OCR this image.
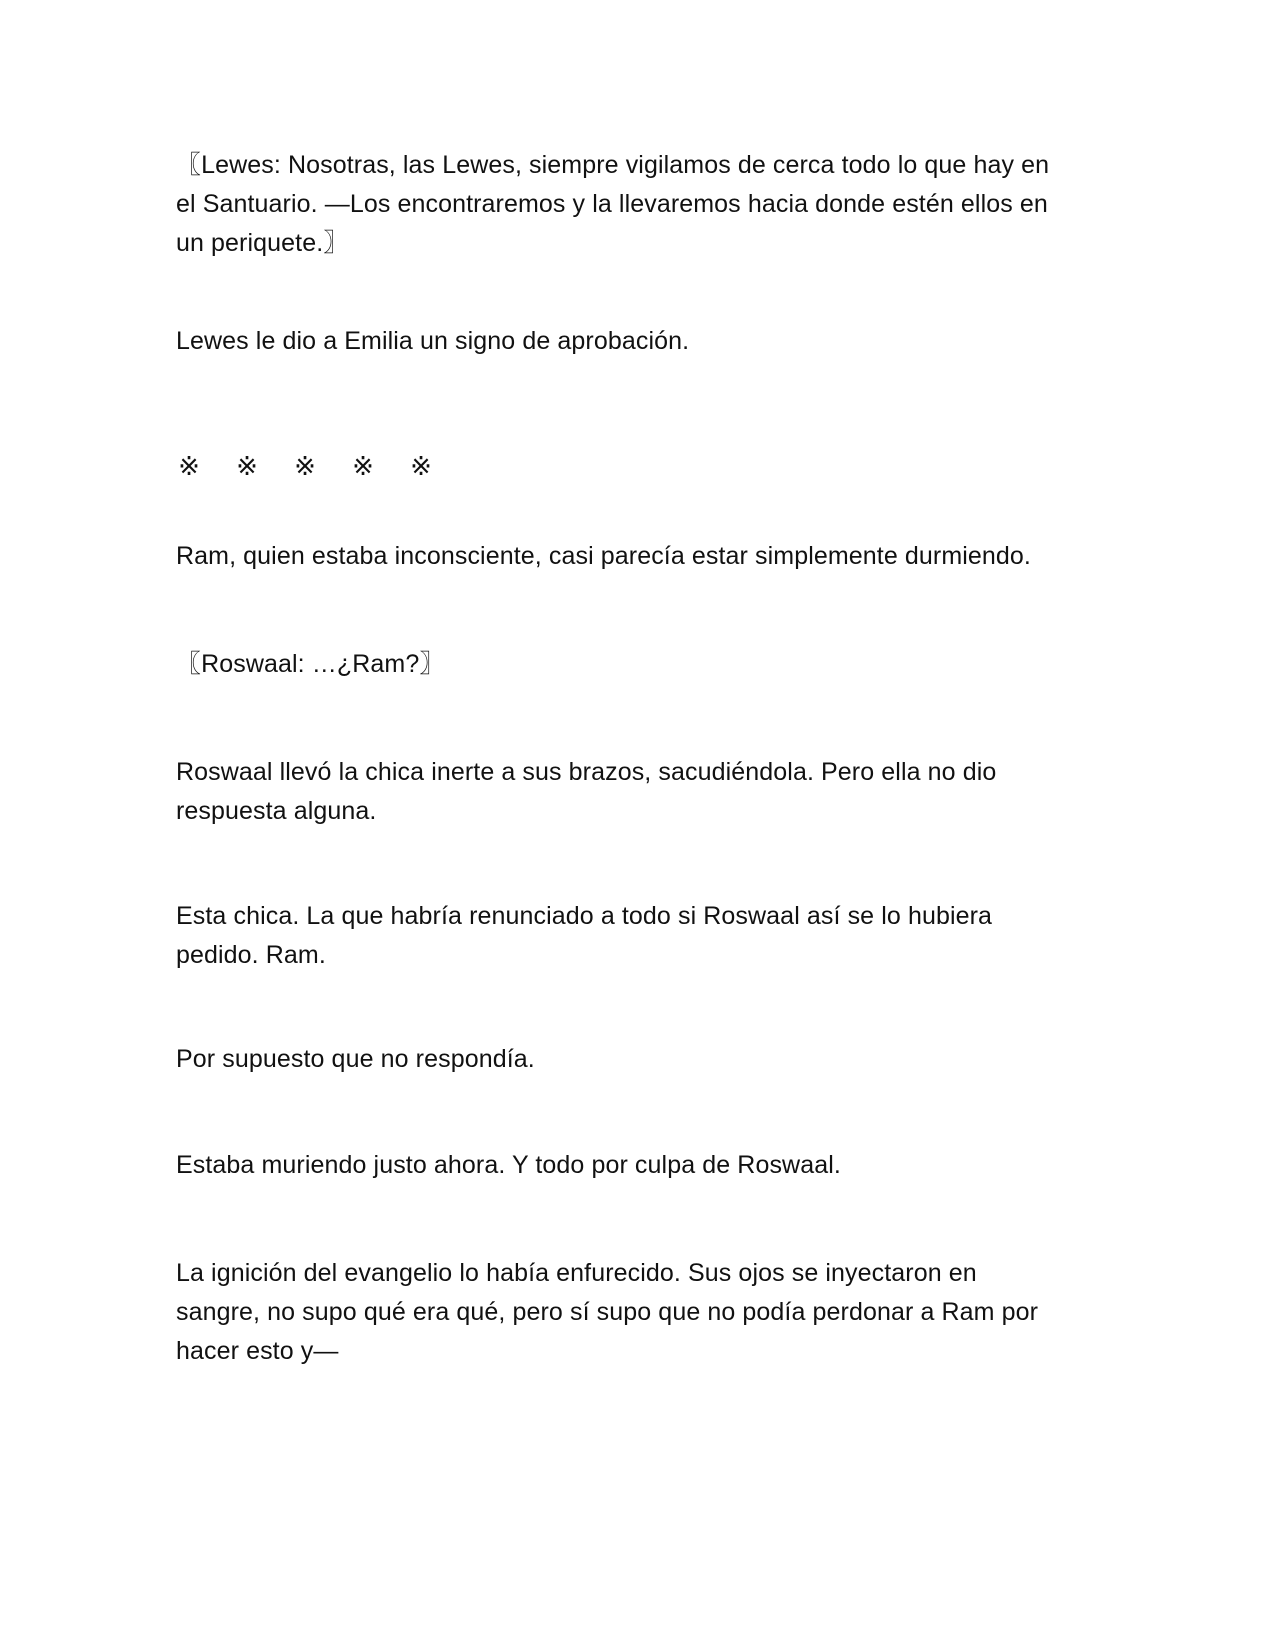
〖Lewes: Nosotras, las Lewes, siempre vigilamos de cerca todo lo que hay en
el Santuario. —Los encontraremos y la llevaremos hacia donde estén ellos en
un periquete.〗

Lewes le dio a Emilia un signo de aprobación.

※ ※ ※ ※ ※

Ram, quien estaba inconsciente, casi parecía estar simplemente durmiendo.

〖Roswaal: …¿Ram?〗

Roswaal llevó la chica inerte a sus brazos, sacudiéndola. Pero ella no dio
respuesta alguna.

Esta chica. La que habría renunciado a todo si Roswaal así se lo hubiera
pedido. Ram.

Por supuesto que no respondía.

Estaba muriendo justo ahora. Y todo por culpa de Roswaal.

La ignición del evangelio lo había enfurecido. Sus ojos se inyectaron en
sangre, no supo qué era qué, pero sí supo que no podía perdonar a Ram por
hacer esto y—
